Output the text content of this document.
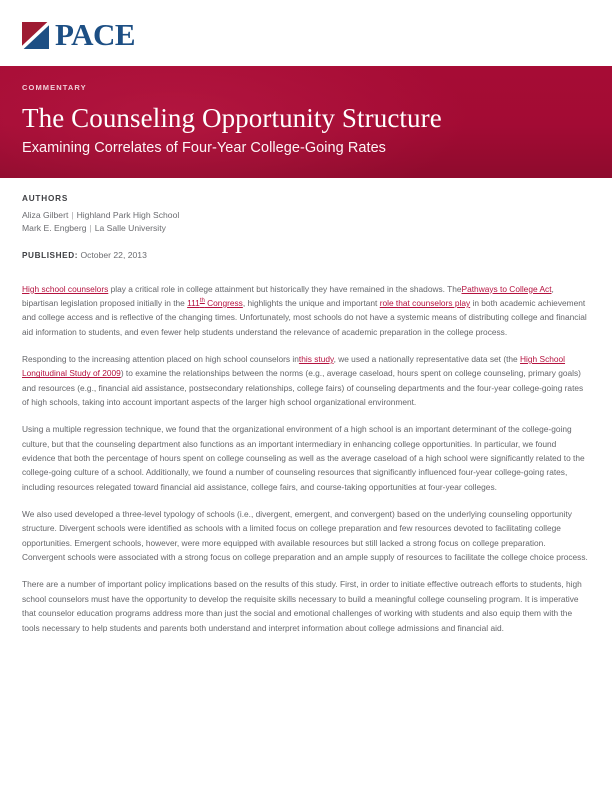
PACE
COMMENTARY
The Counseling Opportunity Structure
Examining Correlates of Four-Year College-Going Rates
AUTHORS

Aliza Gilbert | Highland Park High School

Mark E. Engberg | La Salle University

PUBLISHED: October 22, 2013

High school counselors play a critical role in college attainment but historically they have remained in the shadows. ThePathways to College Act, bipartisan legislation proposed initially in the 111th Congress, highlights the unique and important role that counselors play in both academic achievement and college access and is reflective of the changing times. Unfortunately, most schools do not have a systemic means of distributing college and financial aid information to students, and even fewer help students understand the relevance of academic preparation in the college process.

Responding to the increasing attention placed on high school counselors inthis study, we used a nationally representative data set (the High School Longitudinal Study of 2009) to examine the relationships between the norms (e.g., average caseload, hours spent on college counseling, primary goals) and resources (e.g., financial aid assistance, postsecondary relationships, college fairs) of counseling departments and the four-year college-going rates of high schools, taking into account important aspects of the larger high school organizational environment.

Using a multiple regression technique, we found that the organizational environment of a high school is an important determinant of the college-going culture, but that the counseling department also functions as an important intermediary in enhancing college opportunities. In particular, we found evidence that both the percentage of hours spent on college counseling as well as the average caseload of a high school were significantly related to the college-going culture of a school. Additionally, we found a number of counseling resources that significantly influenced four-year college-going rates, including resources relegated toward financial aid assistance, college fairs, and course-taking opportunities at four-year colleges.

We also used developed a three-level typology of schools (i.e., divergent, emergent, and convergent) based on the underlying counseling opportunity structure. Divergent schools were identified as schools with a limited focus on college preparation and few resources devoted to facilitating college opportunities. Emergent schools, however, were more equipped with available resources but still lacked a strong focus on college preparation. Convergent schools were associated with a strong focus on college preparation and an ample supply of resources to facilitate the college choice process.

There are a number of important policy implications based on the results of this study. First, in order to initiate effective outreach efforts to students, high school counselors must have the opportunity to develop the requisite skills necessary to build a meaningful college counseling program. It is imperative that counselor education programs address more than just the social and emotional challenges of working with students and also equip them with the tools necessary to help students and parents both understand and interpret information about college admissions and financial aid.
